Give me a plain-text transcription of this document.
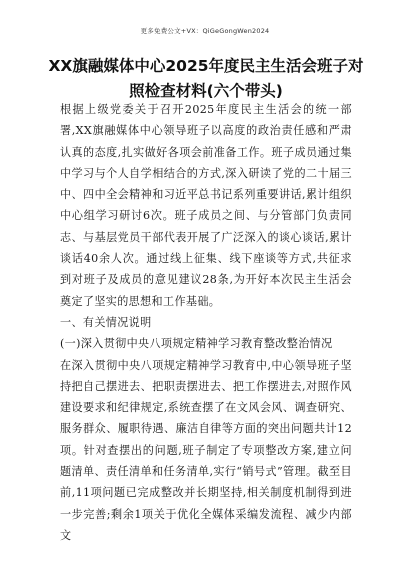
更多免费公文+VX：QiGeGongWen2024
XX旗融媒体中心2025年度民主生活会班子对照检查材料(六个带头)

根据上级党委关于召开2025年度民主生活会的统一部署,XX旗融媒体中心领导班子以高度的政治责任感和严肃认真的态度,扎实做好各项会前准备工作。班子成员通过集中学习与个人自学相结合的方式,深入研读了党的二十届三中、四中全会精神和习近平总书记系列重要讲话,累计组织中心组学习研讨6次。班子成员之间、与分管部门负责同志、与基层党员干部代表开展了广泛深入的谈心谈话,累计谈话40余人次。通过线上征集、线下座谈等方式,共征求到对班子及成员的意见建议28条,为开好本次民主生活会奠定了坚实的思想和工作基础。

一、有关情况说明

(一)深入贯彻中央八项规定精神学习教育整改整治情况

在深入贯彻中央八项规定精神学习教育中,中心领导班子坚持把自己摆进去、把职责摆进去、把工作摆进去,对照作风建设要求和纪律规定,系统查摆了在文风会风、调查研究、服务群众、履职待遇、廉洁自律等方面的突出问题共计12项。针对查摆出的问题,班子制定了专项整改方案,建立问题清单、责任清单和任务清单,实行“销号式”管理。截至目前,11项问题已完成整改并长期坚持,相关制度机制得到进一步完善;剩余1项关于优化全媒体采编发流程、减少内部文
